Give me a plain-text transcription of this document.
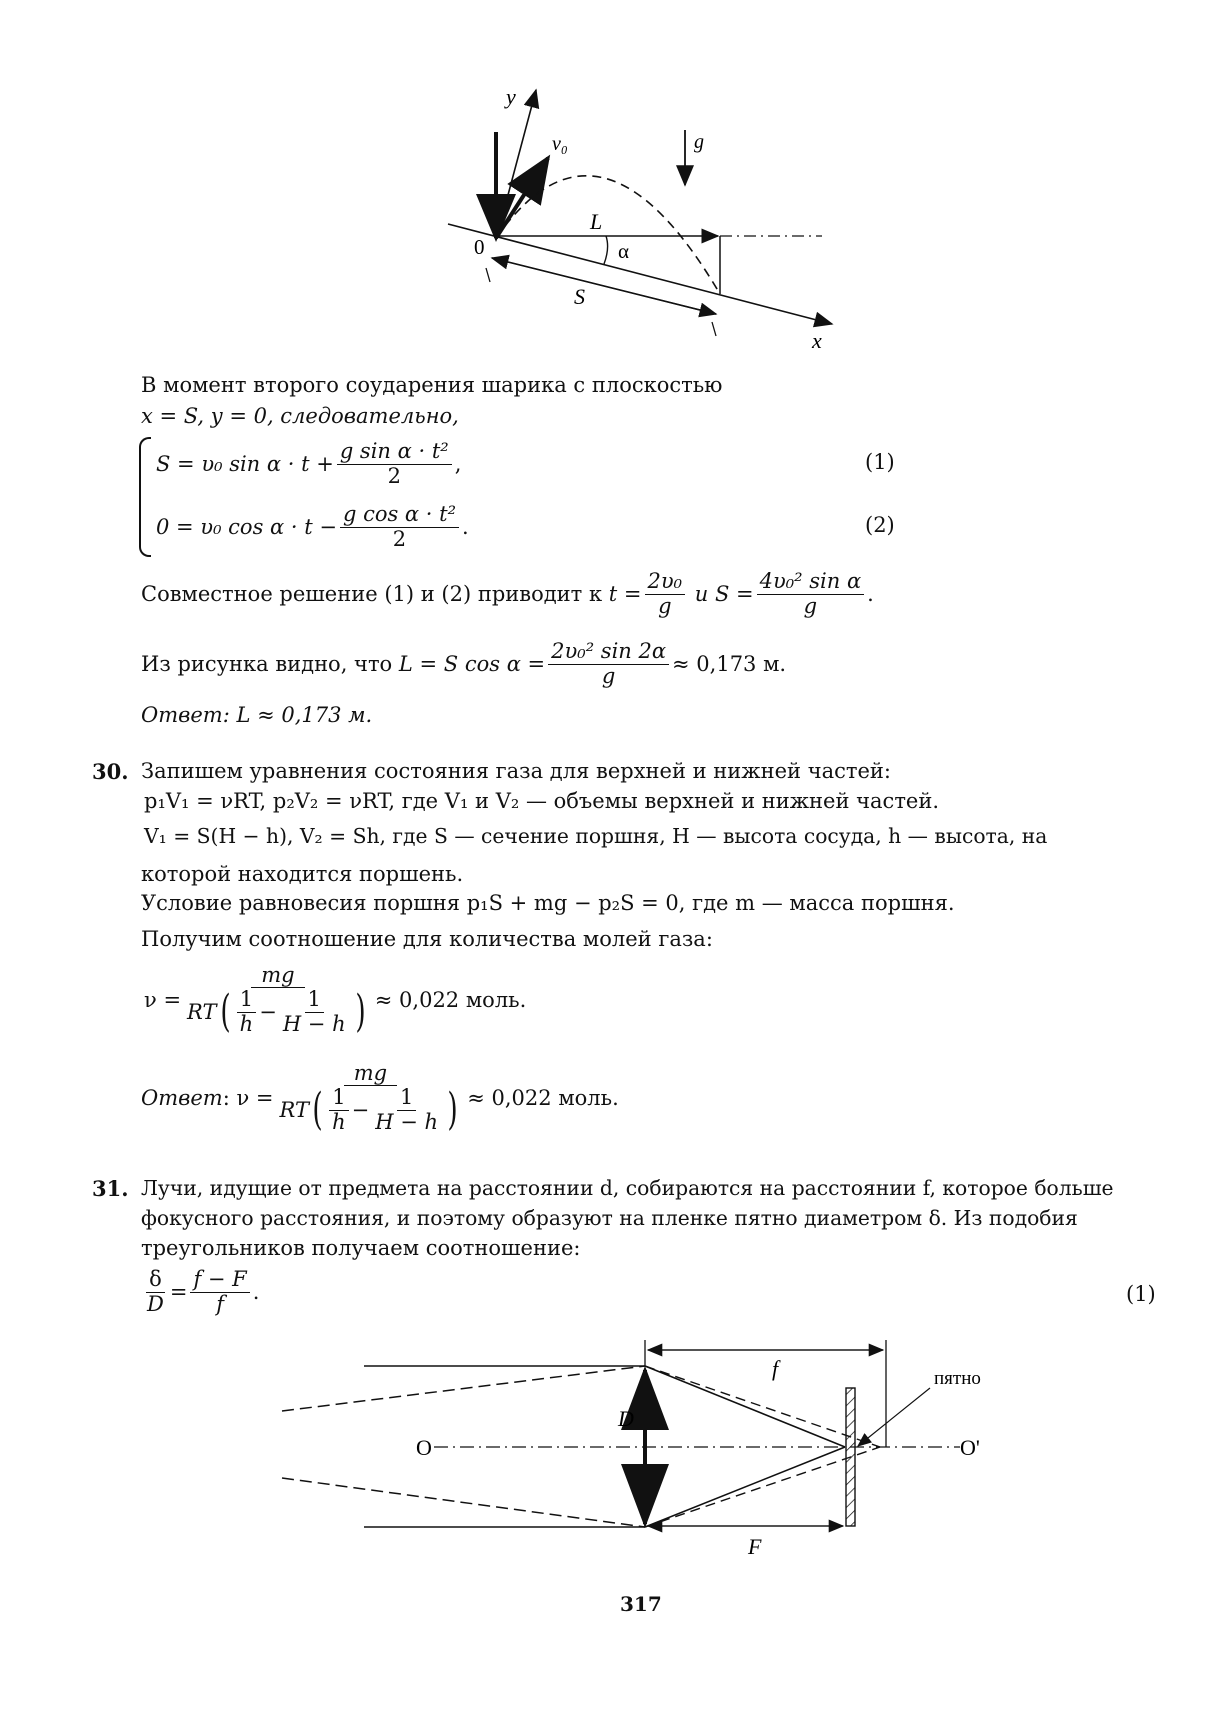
y
x
v₀	g
L
α
S
0
В момент второго соударения шарика с плоскостью
x = S, y = 0, следовательно,
S = υ₀ $\sin \alpha \cdot t + \frac{\text{g sin α · t²}}{2}$ ,	(1)
0 = υ₀ $\cos \alpha \cdot t - \frac{\text{g cos α · t²}}{2}$ .	(2)
Совместное решение (1) и (2) приводит к
$t = \frac{\text{2υ₀}}{g}$
и $S = \frac{\text{4υ₀² sin α}}{g}$ .
Из рисунка видно, что
L = S $\cos \alpha = \frac{\text{2υ₀² sin 2α}}{g} \approx 0,173$ м.
Ответ: L ≈ 0,173 м.
30. Запишем уравнения состояния газа для верхней и нижней частей:
p₁V₁ = νRT, p₂V₂ = νRT, где V₁ и V₂ — объемы верхней и нижней частей.
V₁ = S(H − h), V₂ = Sh, где S — сечение поршня, H — высота сосуда, h — высота, на
которой находится поршень.
Условие равновесия поршня p₁S + mg − p₂S = 0, где m — масса поршня.
Получим соотношение для количества молей газа:
$\nu = \frac{mg}{RT ( \frac{1}{h} - \frac{1}{H - h} )} \approx 0,022$ моль.
Ответ :
$\nu = \frac{mg}{RT ( \frac{1}{h} - \frac{1}{H - h} )} \approx 0,022$ моль.
31. Лучи, идущие от предмета на расстоянии d, собираются на расстоянии f, которое больше
фокусного расстояния, и поэтому образуют на пленке пятно диаметром δ. Из подобия
треугольников получаем соотношение:
$\frac{\delta}{D} = \frac{f - F}{f}$ .	(1)
f	пятно
F
D
O	O'
317
